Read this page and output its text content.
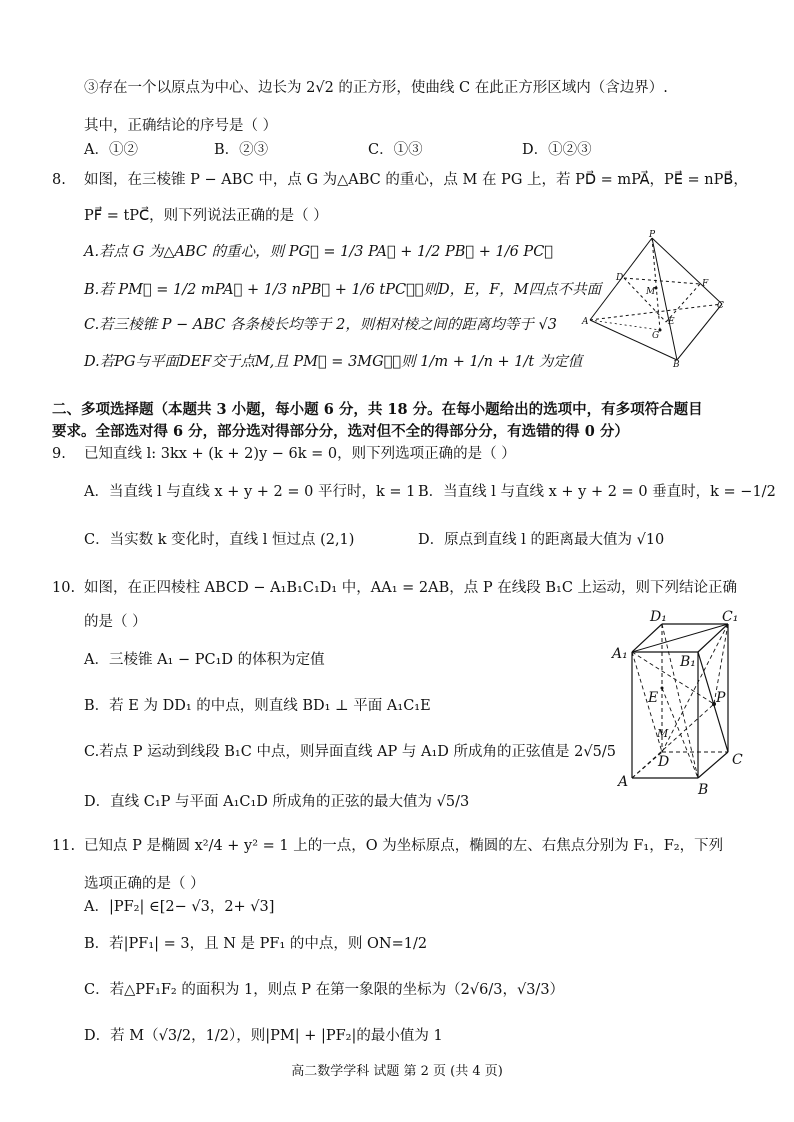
③存在一个以原点为中心、边长为 2√2 的正方形，使曲线 C 在此正方形区域内（含边界）.
其中，正确结论的序号是（ ）
A．①②	B．②③	C．①③	D．①②③
8. 如图，在三棱锥 P − ABC 中，点 G 为△ABC 的重心，点 M 在 PG 上，若 PD⃗ = mPA⃗，PE⃗ = nPB⃗，
PF⃗ = tPC⃗，则下列说法正确的是（ ）
A.若点 G 为△ABC 的重心，则 PG⃗ = 1/3 PA⃗ + 1/2 PB⃗ + 1/6 PC⃗
B.若 PM⃗ = 1/2 mPA⃗ + 1/3 nPB⃗ + 1/6 tPC⃗，则D，E，F，M四点不共面
C.若三棱锥 P − ABC 各条棱长均等于 2，则相对棱之间的距离均等于 √3
D.若PG与平面DEF交于点M,且 PM⃗ = 3MG⃗，则 1/m + 1/n + 1/t 为定值
P
D
F
M
C
A	E
G
B
二、多项选择题（本题共 3 小题，每小题 6 分，共 18 分。在每小题给出的选项中，有多项符合题目
要求。全部选对得 6 分，部分选对得部分分，选对但不全的得部分分，有选错的得 0 分）
9. 已知直线 l: 3kx + (k + 2)y − 6k = 0，则下列选项正确的是（ ）
A．当直线 l 与直线 x + y + 2 = 0 平行时，k = 1 B．当直线 l 与直线 x + y + 2 = 0 垂直时，k = −1/2
C．当实数 k 变化时，直线 l 恒过点 (2,1)	D．原点到直线 l 的距离最大值为 √10
10. 如图，在正四棱柱 ABCD − A₁B₁C₁D₁ 中，AA₁ = 2AB，点 P 在线段 B₁C 上运动，则下列结论正确
的是（ ）
A．三棱锥 A₁ − PC₁D 的体积为定值
B．若 E 为 DD₁ 的中点，则直线 BD₁ ⊥ 平面 A₁C₁E
C.若点 P 运动到线段 B₁C 中点，则异面直线 AP 与 A₁D 所成角的正弦值是 2√5/5
D．直线 C₁P 与平面 A₁C₁D 所成角的正弦的最大值为 √5/3
D₁	C₁
A₁	B₁
E	P
M
D	C
A	B
11. 已知点 P 是椭圆 x²/4 + y² = 1 上的一点，O 为坐标原点，椭圆的左、右焦点分别为 F₁，F₂，下列
选项正确的是（ ）
A．|PF₂| ∈[2− √3，2+ √3]
B．若|PF₁| = 3，且 N 是 PF₁ 的中点，则 ON=1/2
C．若△PF₁F₂ 的面积为 1，则点 P 在第一象限的坐标为（2√6/3，√3/3）
D．若 M（√3/2，1/2），则|PM| + |PF₂|的最小值为 1
高二数学学科 试题 第 2 页 (共 4 页)
